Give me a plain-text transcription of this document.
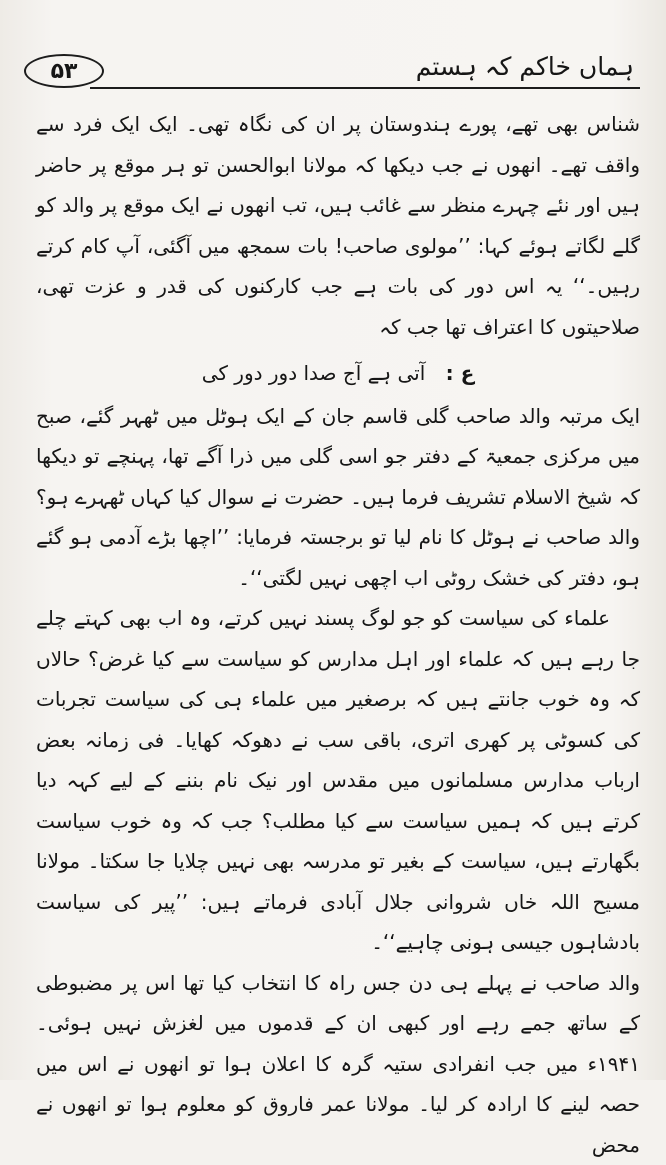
۵۳	ہماں خاکم کہ ہستم

شناس بھی تھے، پورے ہندوستان پر ان کی نگاہ تھی۔ ایک ایک فرد سے واقف تھے۔ انھوں نے جب دیکھا کہ مولانا ابوالحسن تو ہر موقع پر حاضر ہیں اور نئے چہرے منظر سے غائب ہیں، تب انھوں نے ایک موقع پر والد کو گلے لگاتے ہوئے کہا: ’’مولوی صاحب! بات سمجھ میں آگئی، آپ کام کرتے رہیں۔‘‘ یہ اس دور کی بات ہے جب کارکنوں کی قدر و عزت تھی، صلاحیتوں کا اعتراف تھا جب کہ

ع : آتی ہے آج صدا دور دور کی

ایک مرتبہ والد صاحب گلی قاسم جان کے ایک ہوٹل میں ٹھہر گئے، صبح میں مرکزی جمعیۃ کے دفتر جو اسی گلی میں ذرا آگے تھا، پہنچے تو دیکھا کہ شیخ الاسلام تشریف فرما ہیں۔ حضرت نے سوال کیا کہاں ٹھہرے ہو؟ والد صاحب نے ہوٹل کا نام لیا تو برجستہ فرمایا: ’’اچھا بڑے آدمی ہو گئے ہو، دفتر کی خشک روٹی اب اچھی نہیں لگتی‘‘۔

علماء کی سیاست کو جو لوگ پسند نہیں کرتے، وہ اب بھی کہتے چلے جا رہے ہیں کہ علماء اور اہل مدارس کو سیاست سے کیا غرض؟ حالاں کہ وہ خوب جانتے ہیں کہ برصغیر میں علماء ہی کی سیاست تجربات کی کسوٹی پر کھری اتری، باقی سب نے دھوکہ کھایا۔ فی زمانہ بعض ارباب مدارس مسلمانوں میں مقدس اور نیک نام بننے کے لیے کہہ دیا کرتے ہیں کہ ہمیں سیاست سے کیا مطلب؟ جب کہ وہ خوب سیاست بگھارتے ہیں، سیاست کے بغیر تو مدرسہ بھی نہیں چلایا جا سکتا۔ مولانا مسیح اللہ خاں شروانی جلال آبادی فرماتے ہیں: ’’پیر کی سیاست بادشاہوں جیسی ہونی چاہیے‘‘۔

والد صاحب نے پہلے ہی دن جس راہ کا انتخاب کیا تھا اس پر مضبوطی کے ساتھ جمے رہے اور کبھی ان کے قدموں میں لغزش نہیں ہوئی۔ ۱۹۴۱ء میں جب انفرادی ستیہ گرہ کا اعلان ہوا تو انھوں نے اس میں حصہ لینے کا ارادہ کر لیا۔ مولانا عمر فاروق کو معلوم ہوا تو انھوں نے محض
